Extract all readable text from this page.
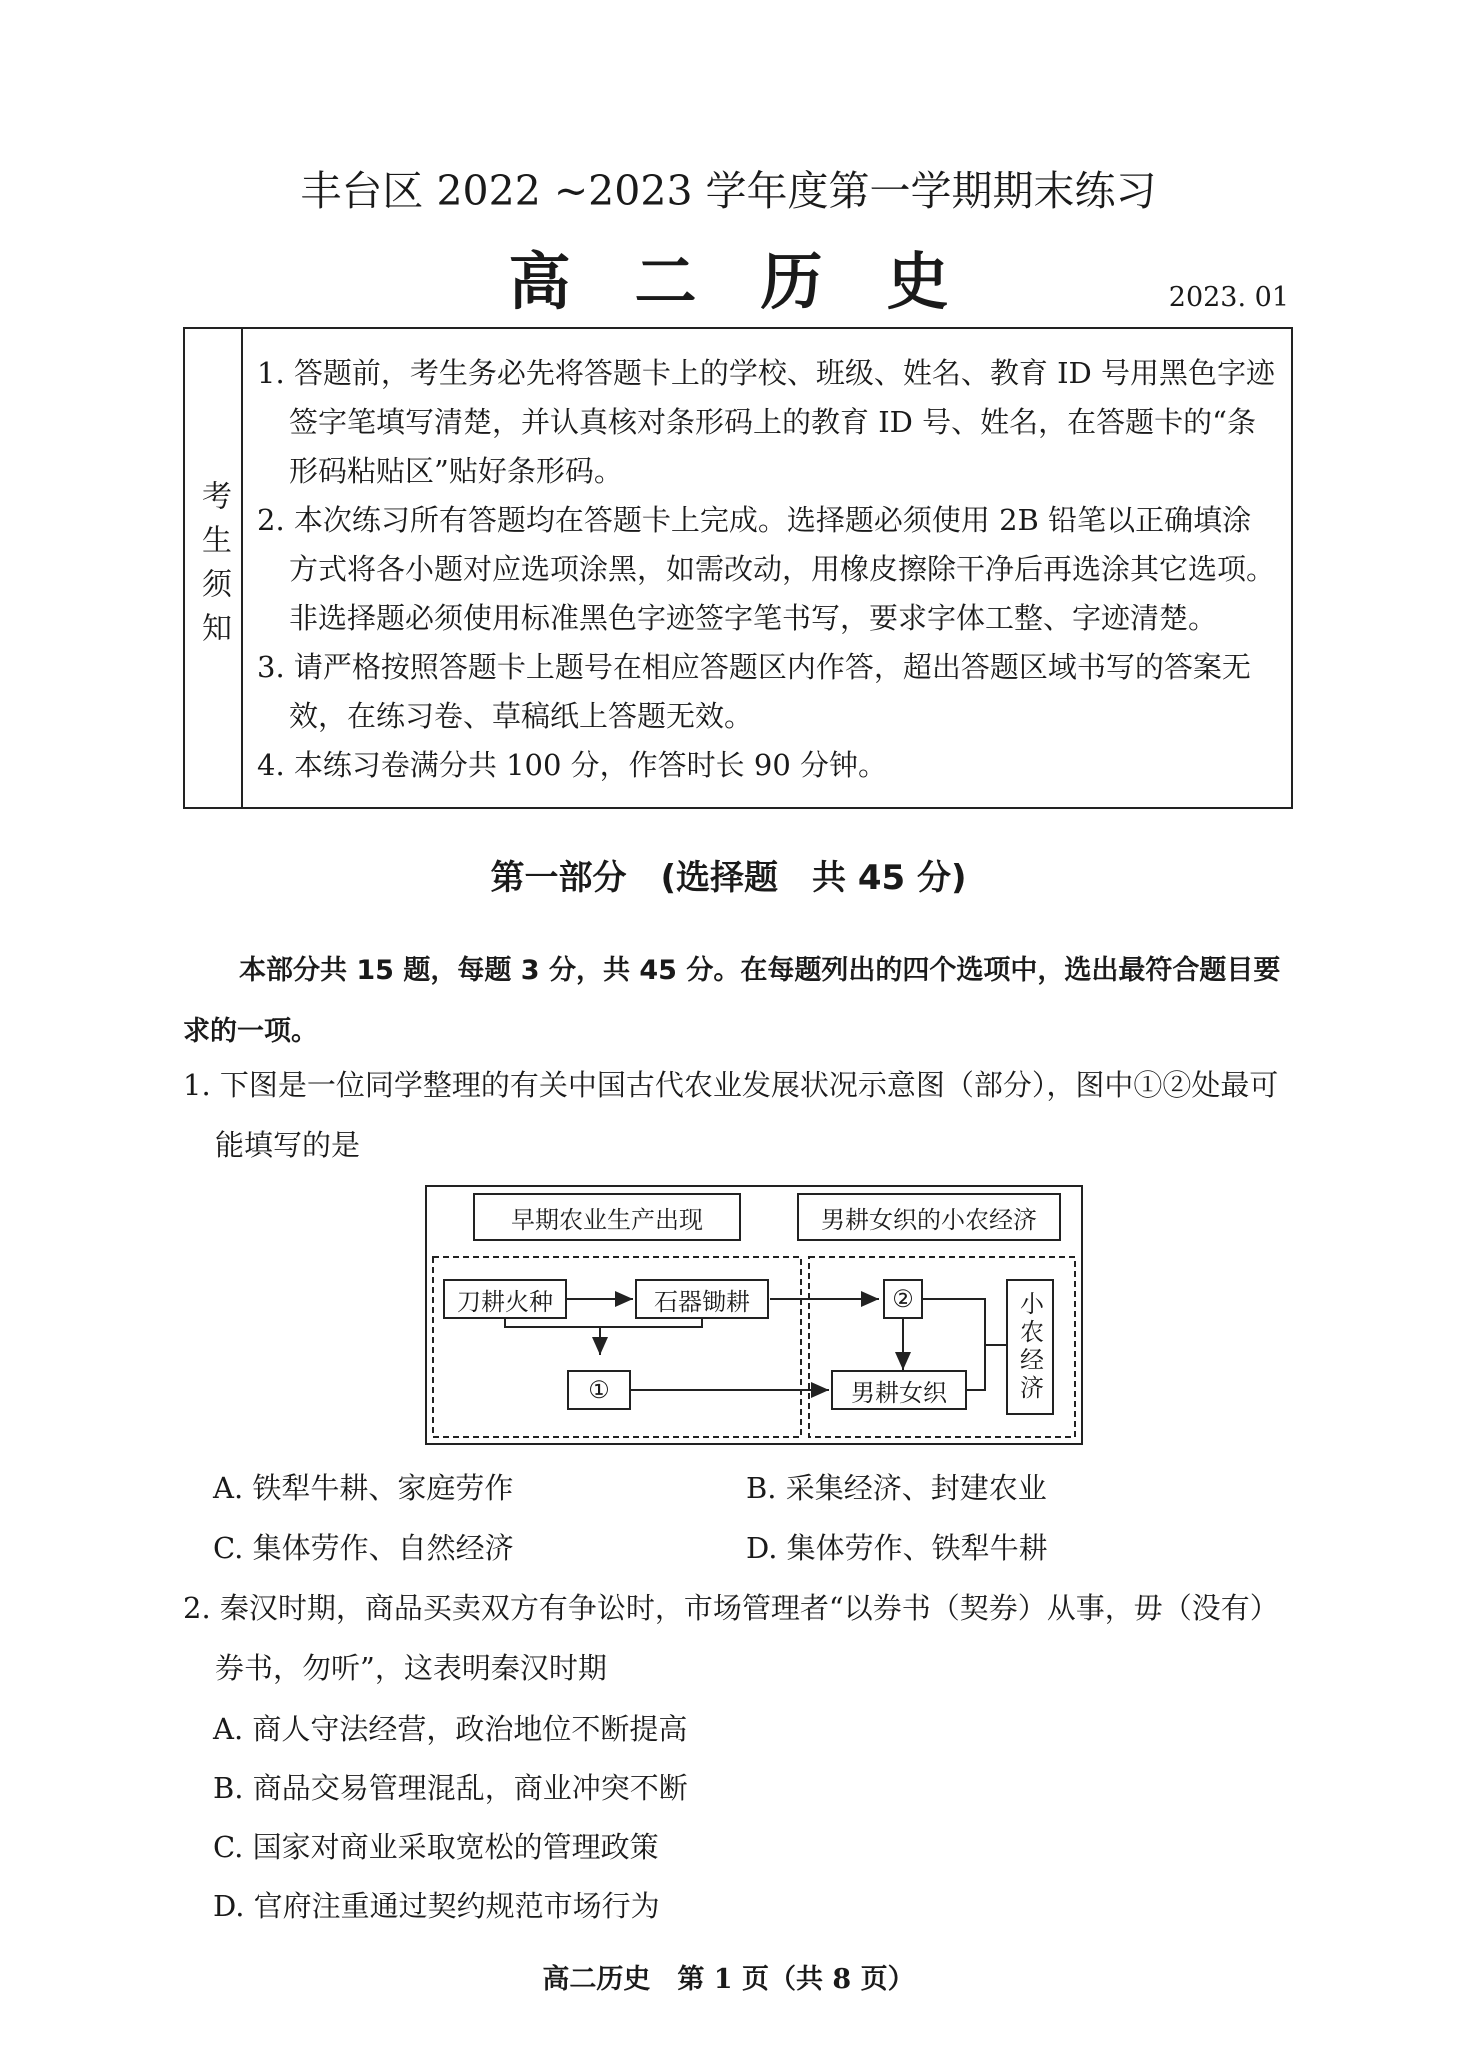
丰台区 2022 ~2023 学年度第一学期期末练习
高二历史	2023. 01
考生须知
1. 答题前，考生务必先将答题卡上的学校、班级、姓名、教育 ID 号用黑色字迹签字笔填写清楚，并认真核对条形码上的教育 ID 号、姓名，在答题卡的“条形码粘贴区”贴好条形码。
2. 本次练习所有答题均在答题卡上完成。选择题必须使用 2B 铅笔以正确填涂方式将各小题对应选项涂黑，如需改动，用橡皮擦除干净后再选涂其它选项。非选择题必须使用标准黑色字迹签字笔书写，要求字体工整、字迹清楚。
3. 请严格按照答题卡上题号在相应答题区内作答，超出答题区域书写的答案无效，在练习卷、草稿纸上答题无效。
4. 本练习卷满分共 100 分，作答时长 90 分钟。
第一部分　(选择题　共 45 分)
本部分共 15 题，每题 3 分，共 45 分。在每题列出的四个选项中，选出最符合题目要求的一项。
1. 下图是一位同学整理的有关中国古代农业发展状况示意图（部分），图中①②处最可能填写的是
早期农业生产出现	男耕女织的小农经济
刀耕火种	石器锄耕
①
②
男耕女织	小农经济
A. 铁犁牛耕、家庭劳作	B. 采集经济、封建农业
C. 集体劳作、自然经济	D. 集体劳作、铁犁牛耕
2. 秦汉时期，商品买卖双方有争讼时，市场管理者“以券书（契券）从事，毋（没有）券书，勿听”，这表明秦汉时期
A. 商人守法经营，政治地位不断提高
B. 商品交易管理混乱，商业冲突不断
C. 国家对商业采取宽松的管理政策
D. 官府注重通过契约规范市场行为
高二历史　第 1 页（共 8 页）
